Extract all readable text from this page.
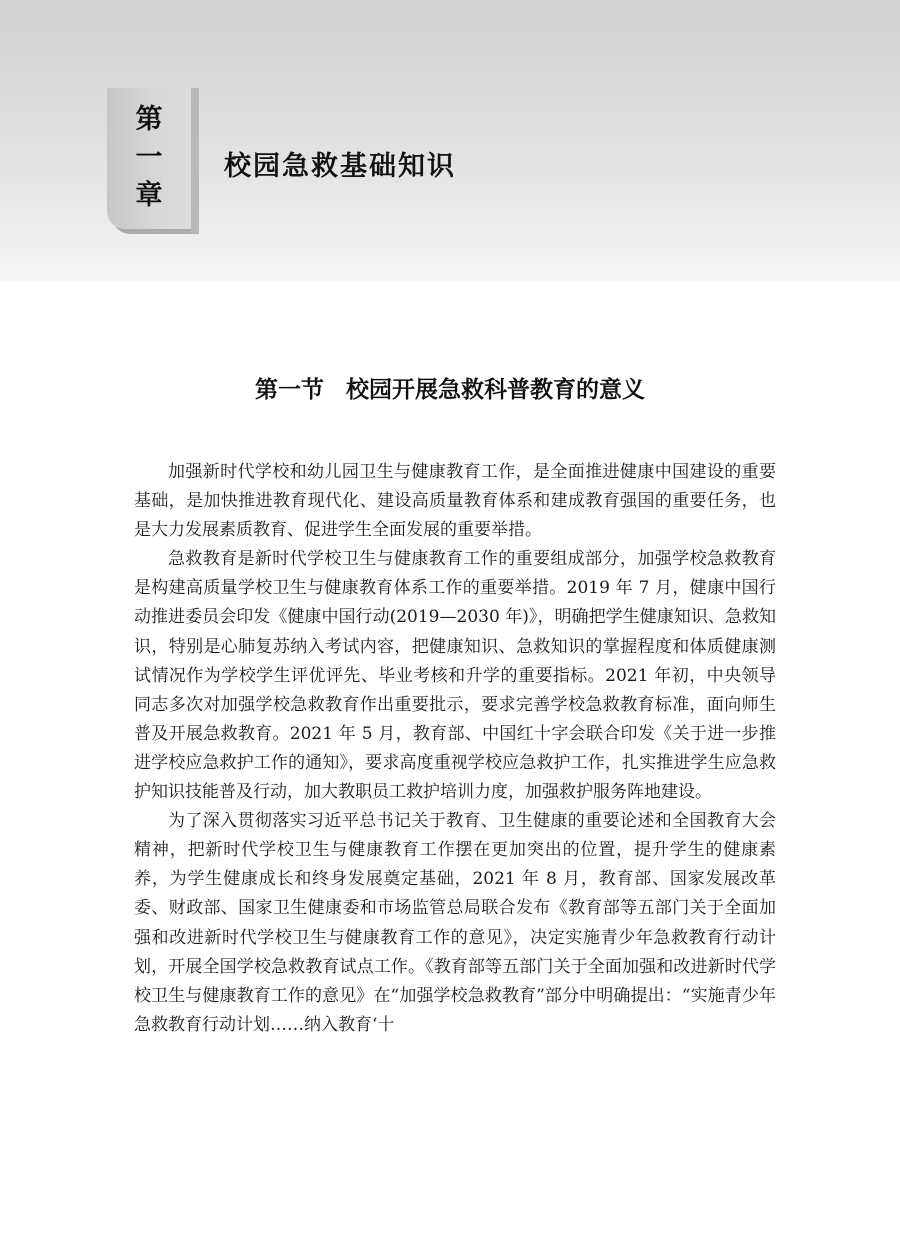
第
一
章
校园急救基础知识
第一节 校园开展急救科普教育的意义

加强新时代学校和幼儿园卫生与健康教育工作，是全面推进健康中国建设的重要基础，是加快推进教育现代化、建设高质量教育体系和建成教育强国的重要任务，也是大力发展素质教育、促进学生全面发展的重要举措。

急救教育是新时代学校卫生与健康教育工作的重要组成部分，加强学校急救教育是构建高质量学校卫生与健康教育体系工作的重要举措。2019 年 7 月，健康中国行动推进委员会印发《健康中国行动(2019—2030 年)》，明确把学生健康知识、急救知识，特别是心肺复苏纳入考试内容，把健康知识、急救知识的掌握程度和体质健康测试情况作为学校学生评优评先、毕业考核和升学的重要指标。2021 年初，中央领导同志多次对加强学校急救教育作出重要批示，要求完善学校急救教育标准，面向师生普及开展急救教育。2021 年 5 月，教育部、中国红十字会联合印发《关于进一步推进学校应急救护工作的通知》，要求高度重视学校应急救护工作，扎实推进学生应急救护知识技能普及行动，加大教职员工救护培训力度，加强救护服务阵地建设。

为了深入贯彻落实习近平总书记关于教育、卫生健康的重要论述和全国教育大会精神，把新时代学校卫生与健康教育工作摆在更加突出的位置，提升学生的健康素养，为学生健康成长和终身发展奠定基础，2021 年 8 月，教育部、国家发展改革委、财政部、国家卫生健康委和市场监管总局联合发布《教育部等五部门关于全面加强和改进新时代学校卫生与健康教育工作的意见》，决定实施青少年急救教育行动计划，开展全国学校急救教育试点工作。《教育部等五部门关于全面加强和改进新时代学校卫生与健康教育工作的意见》在“加强学校急救教育”部分中明确提出：“实施青少年急救教育行动计划……纳入教育‘十
